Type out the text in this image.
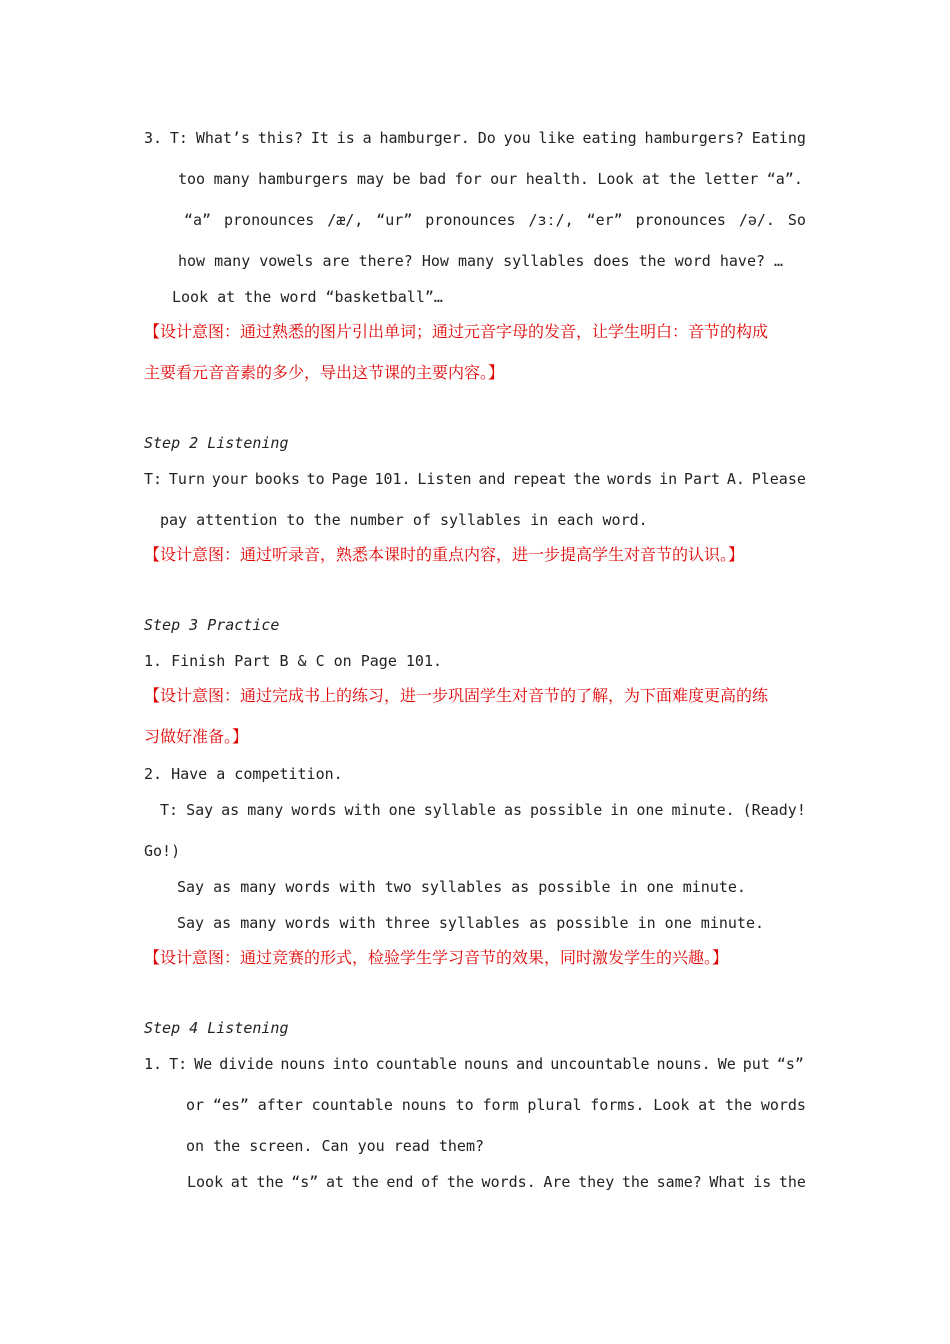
3. T: What’s this? It is a hamburger. Do you like eating hamburgers? Eating
too many hamburgers may be bad for our health. Look at the letter “a”.
“a” pronounces /æ/, “ur” pronounces /ɜː/, “er” pronounces /ə/. So
how many vowels are there? How many syllables does the word have? …
Look at the word “basketball”…
【设计意图：通过熟悉的图片引出单词；通过元音字母的发音，让学生明白：音节的构成
主要看元音音素的多少，导出这节课的主要内容。】
Step 2 Listening
T: Turn your books to Page 101. Listen and repeat the words in Part A. Please
pay attention to the number of syllables in each word.
【设计意图：通过听录音，熟悉本课时的重点内容，进一步提高学生对音节的认识。】
Step 3 Practice
1. Finish Part B & C on Page 101.
【设计意图：通过完成书上的练习，进一步巩固学生对音节的了解，为下面难度更高的练
习做好准备。】
2. Have a competition.
T: Say as many words with one syllable as possible in one minute. (Ready!
Go!)
Say as many words with two syllables as possible in one minute.
Say as many words with three syllables as possible in one minute.
【设计意图：通过竞赛的形式，检验学生学习音节的效果，同时激发学生的兴趣。】
Step 4 Listening
1. T: We divide nouns into countable nouns and uncountable nouns. We put “s”
or “es” after countable nouns to form plural forms. Look at the words
on the screen. Can you read them?
Look at the “s” at the end of the words. Are they the same? What is the
